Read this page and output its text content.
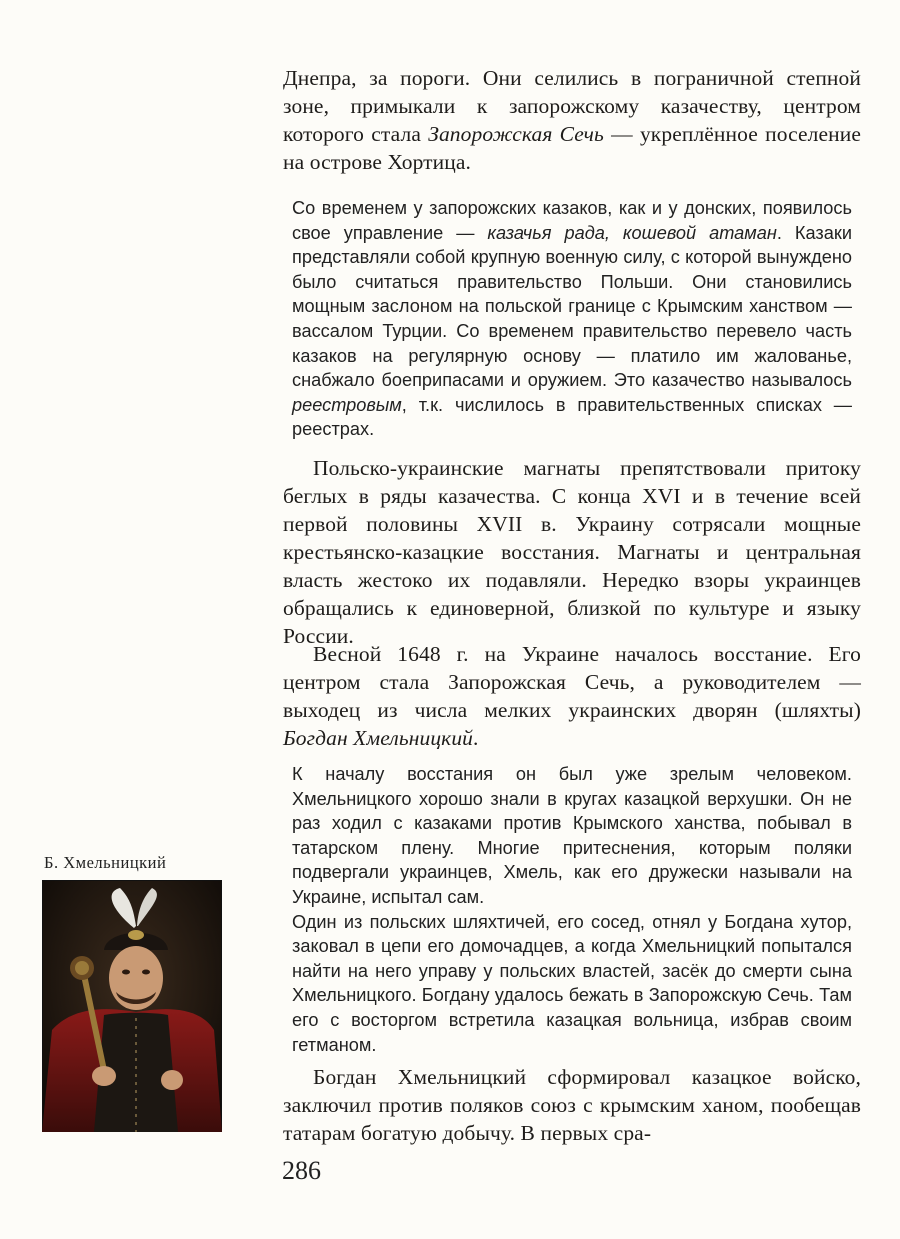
Днепра, за пороги. Они селились в пограничной степной зоне, примыкали к запорожскому казачеству, центром которого стала Запорожская Сечь — укреплённое поселение на острове Хортица.

Со временем у запорожских казаков, как и у донских, появилось свое управление — казачья рада, кошевой атаман. Казаки представляли собой крупную военную силу, с которой вынуждено было считаться правительство Польши. Они становились мощным заслоном на польской границе с Крымским ханством — вассалом Турции. Со временем правительство перевело часть казаков на регулярную основу — платило им жалованье, снабжало боеприпасами и оружием. Это казачество называлось реестровым, т.к. числилось в правительственных списках — реестрах.

Польско-украинские магнаты препятствовали притоку беглых в ряды казачества. С конца XVI и в течение всей первой половины XVII в. Украину сотрясали мощные крестьянско-казацкие восстания. Магнаты и центральная власть жестоко их подавляли. Нередко взоры украинцев обращались к единоверной, близкой по культуре и языку России.

Весной 1648 г. на Украине началось восстание. Его центром стала Запорожская Сечь, а руководителем — выходец из числа мелких украинских дворян (шляхты) Богдан Хмельницкий.

К началу восстания он был уже зрелым человеком. Хмельницкого хорошо знали в кругах казацкой верхушки. Он не раз ходил с казаками против Крымского ханства, побывал в татарском плену. Многие притеснения, которым поляки подвергали украинцев, Хмель, как его дружески называли на Украине, испытал сам.

Один из польских шляхтичей, его сосед, отнял у Богдана хутор, заковал в цепи его домочадцев, а когда Хмельницкий попытался найти на него управу у польских властей, засёк до смерти сына Хмельницкого. Богдану удалось бежать в Запорожскую Сечь. Там его с восторгом встретила казацкая вольница, избрав своим гетманом.

Богдан Хмельницкий сформировал казацкое войско, заключил против поляков союз с крымским ханом, пообещав татарам богатую добычу. В первых сра-

Б. Хмельницкий
286
